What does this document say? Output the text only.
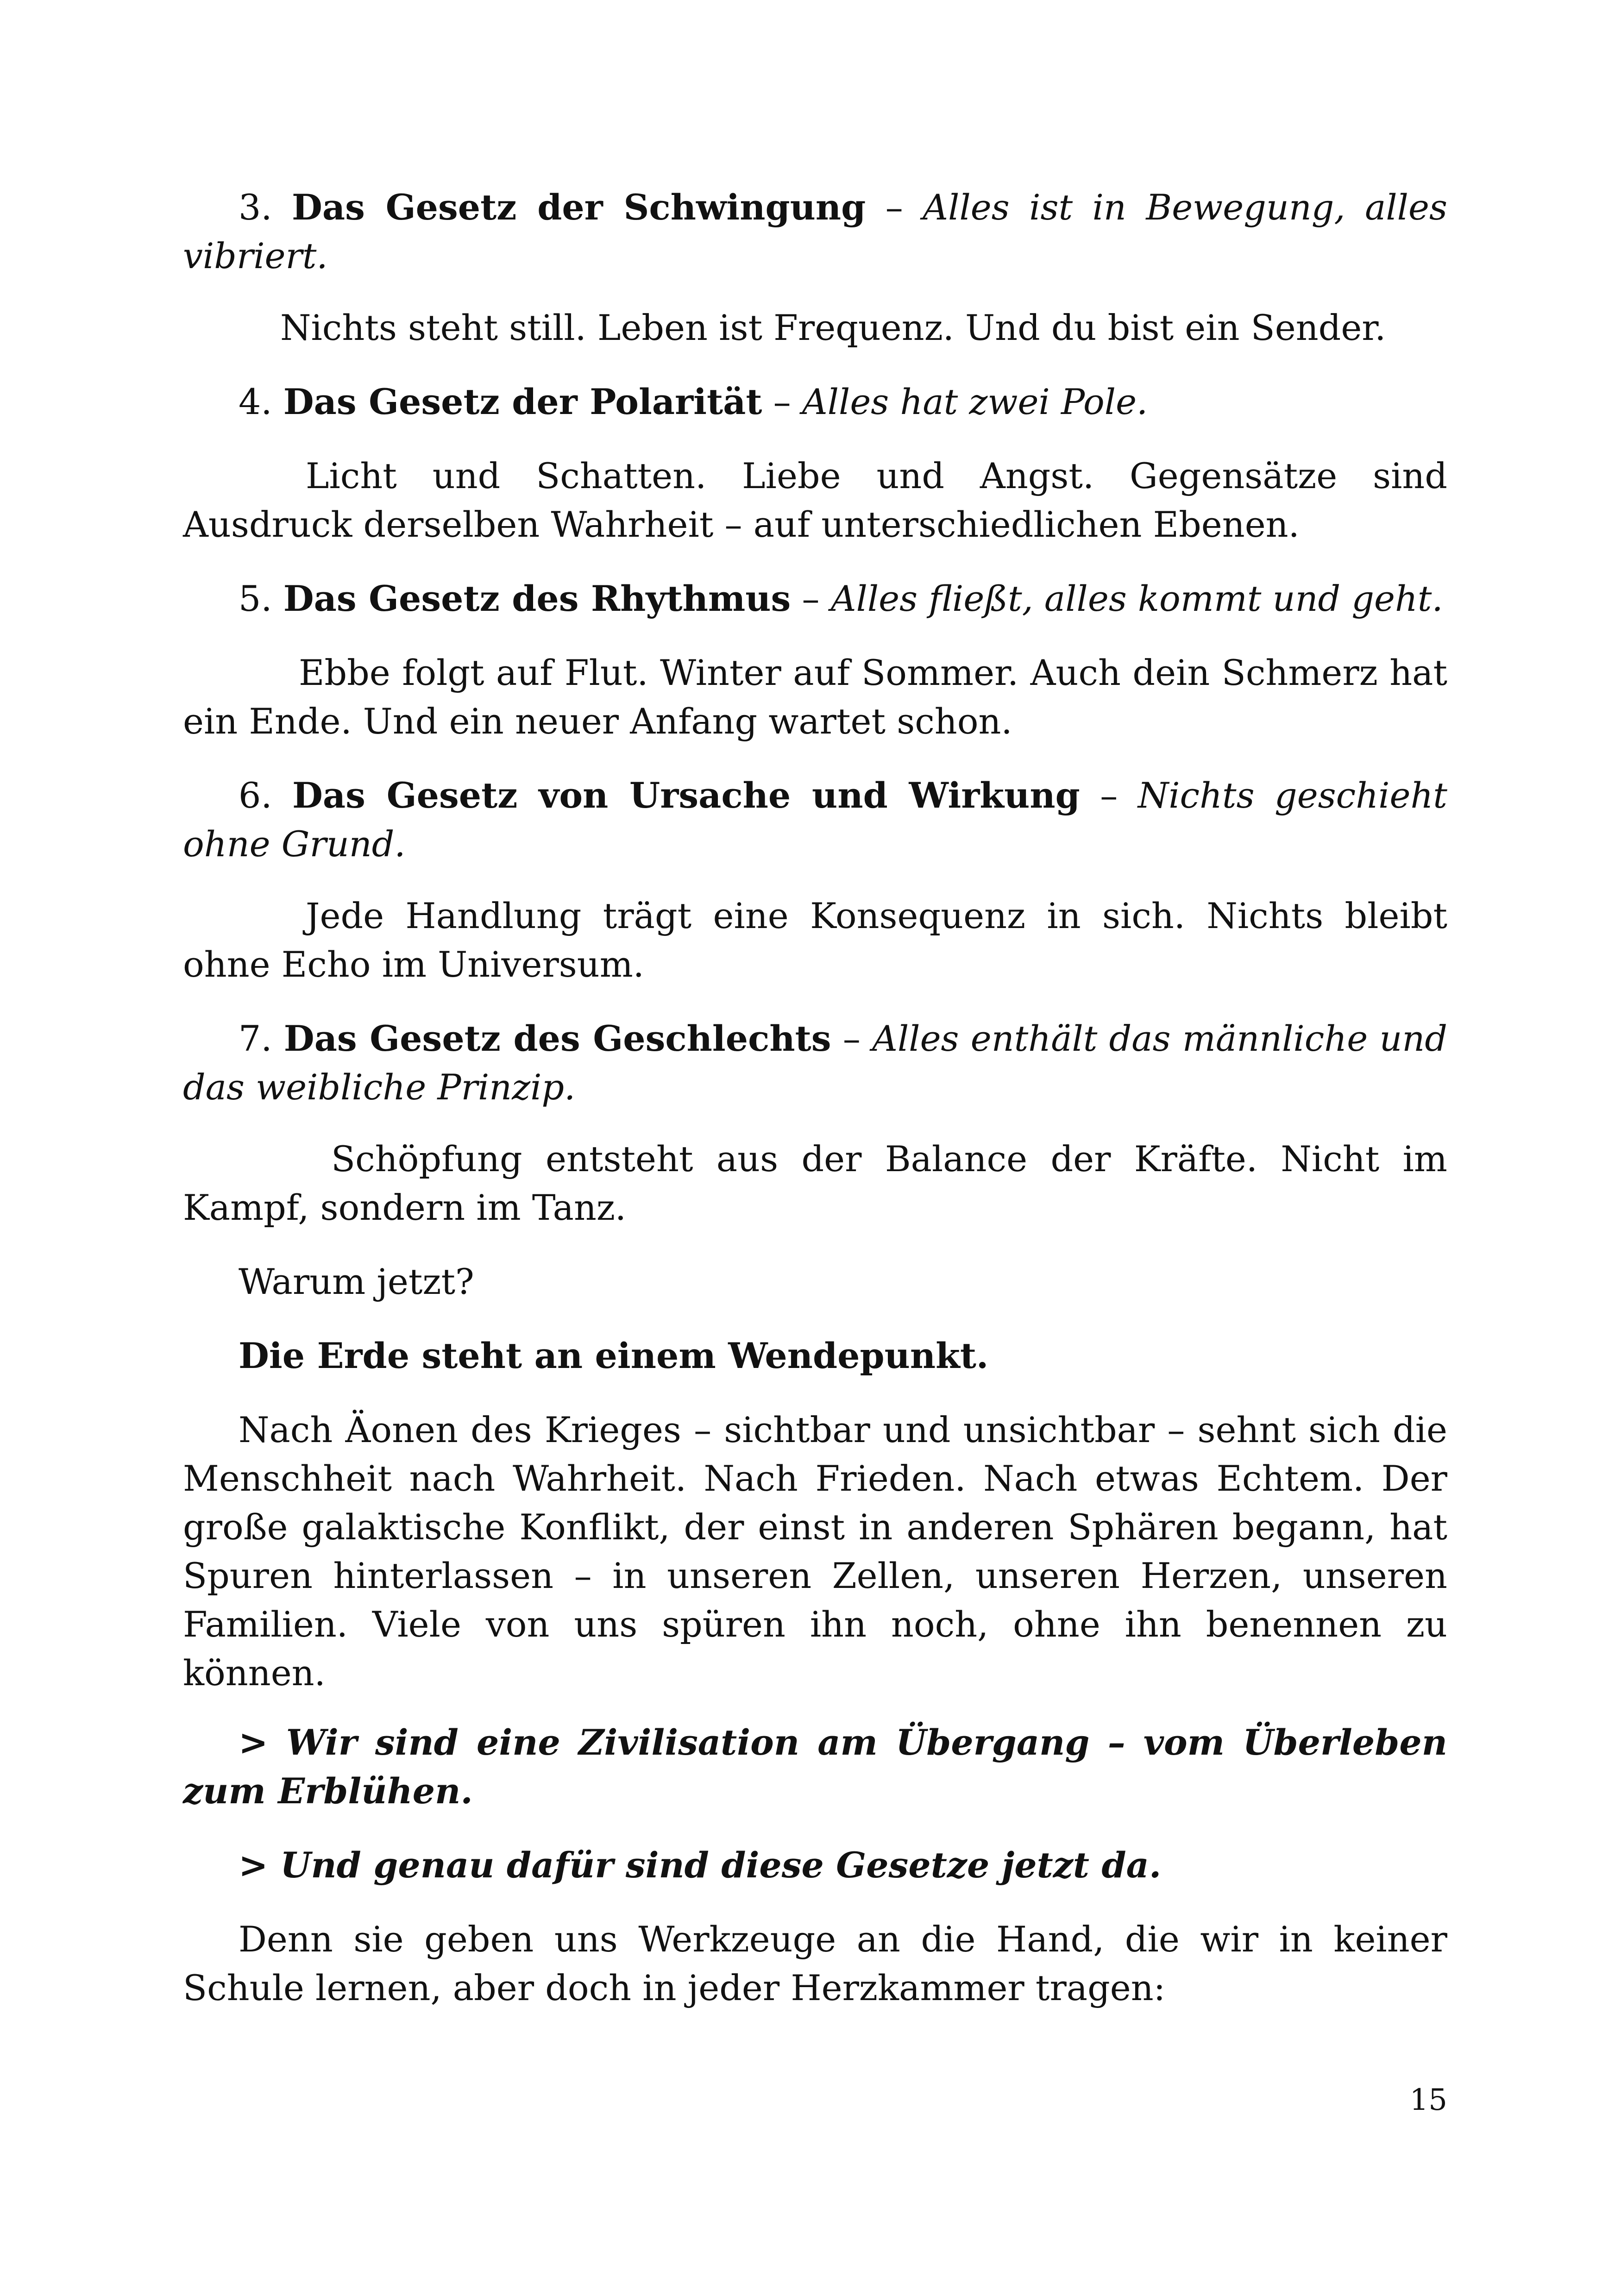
3. Das Gesetz der Schwingung – Alles ist in Bewegung, alles vibriert.

Nichts steht still. Leben ist Frequenz. Und du bist ein Sender.

4. Das Gesetz der Polarität – Alles hat zwei Pole.

Licht und Schatten. Liebe und Angst. Gegensätze sind Ausdruck derselben Wahrheit – auf unterschiedlichen Ebenen.

5. Das Gesetz des Rhythmus – Alles fließt, alles kommt und geht.

Ebbe folgt auf Flut. Winter auf Sommer. Auch dein Schmerz hat ein Ende. Und ein neuer Anfang wartet schon.

6. Das Gesetz von Ursache und Wirkung – Nichts geschieht ohne Grund.

Jede Handlung trägt eine Konsequenz in sich. Nichts bleibt ohne Echo im Universum.

7. Das Gesetz des Geschlechts – Alles enthält das männliche und das weibliche Prinzip.

Schöpfung entsteht aus der Balance der Kräfte. Nicht im Kampf, sondern im Tanz.

Warum jetzt?

Die Erde steht an einem Wendepunkt.

Nach Äonen des Krieges – sichtbar und unsichtbar – sehnt sich die Menschheit nach Wahrheit. Nach Frieden. Nach etwas Echtem. Der große galaktische Konflikt, der einst in anderen Sphären begann, hat Spuren hinterlassen – in unseren Zellen, unseren Herzen, unseren Familien. Viele von uns spüren ihn noch, ohne ihn benennen zu können.

> Wir sind eine Zivilisation am Übergang – vom Überleben zum Erblühen.

> Und genau dafür sind diese Gesetze jetzt da.

Denn sie geben uns Werkzeuge an die Hand, die wir in keiner Schule lernen, aber doch in jeder Herzkammer tragen:

15
